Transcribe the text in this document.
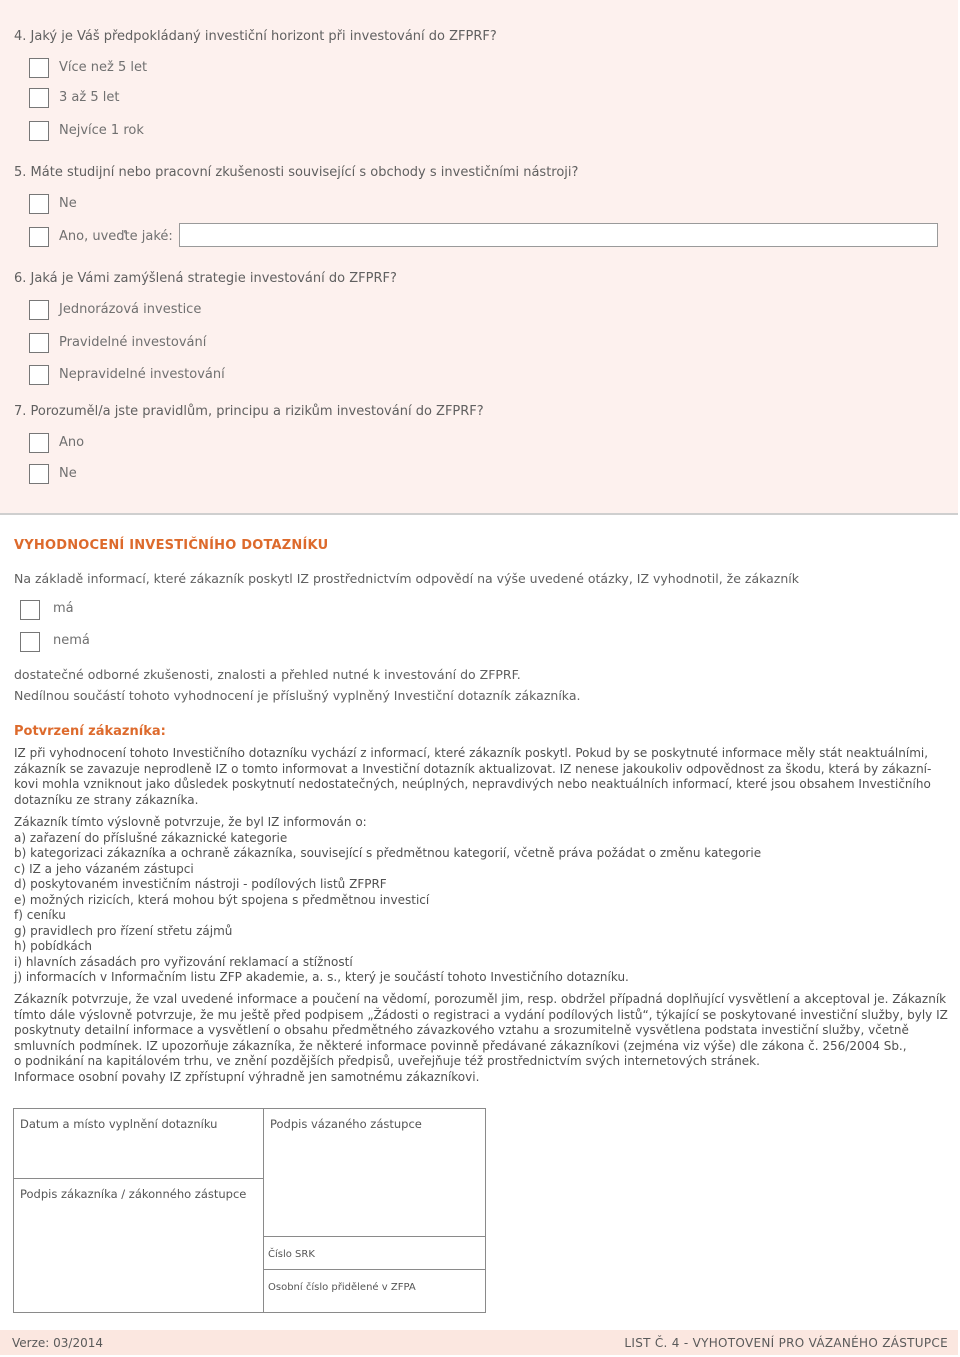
4. Jaký je Váš předpokládaný investiční horizont při investování do ZFPRF?
Více než 5 let
3 až 5 let
Nejvíce 1 rok
5. Máte studijní nebo pracovní zkušenosti související s obchody s investičními nástroji?
Ne
Ano, uveďte jaké:
6. Jaká je Vámi zamýšlená strategie investování do ZFPRF?
Jednorázová investice
Pravidelné investování
Nepravidelné investování
7. Porozuměl/a jste pravidlům, principu a rizikům investování do ZFPRF?
Ano
Ne
VYHODNOCENÍ INVESTIČNÍHO DOTAZNÍKU
Na základě informací, které zákazník poskytl IZ prostřednictvím odpovědí na výše uvedené otázky, IZ vyhodnotil, že zákazník
má
nemá
dostatečné odborné zkušenosti, znalosti a přehled nutné k investování do ZFPRF.
Nedílnou součástí tohoto vyhodnocení je příslušný vyplněný Investiční dotazník zákazníka.
Potvrzení zákazníka:
IZ při vyhodnocení tohoto Investičního dotazníku vychází z informací, které zákazník poskytl. Pokud by se poskytnuté informace měly stát neaktuálními,
zákazník se zavazuje neprodleně IZ o tomto informovat a Investiční dotazník aktualizovat. IZ nenese jakoukoliv odpovědnost za škodu, která by zákazní-
kovi mohla vzniknout jako důsledek poskytnutí nedostatečných, neúplných, nepravdivých nebo neaktuálních informací, které jsou obsahem Investičního
dotazníku ze strany zákazníka.
Zákazník tímto výslovně potvrzuje, že byl IZ informován o:
a) zařazení do příslušné zákaznické kategorie
b) kategorizaci zákazníka a ochraně zákazníka, související s předmětnou kategorií, včetně práva požádat o změnu kategorie
c) IZ a jeho vázaném zástupci
d) poskytovaném investičním nástroji - podílových listů ZFPRF
e) možných rizicích, která mohou být spojena s předmětnou investicí
f) ceníku
g) pravidlech pro řízení střetu zájmů
h) pobídkách
i) hlavních zásadách pro vyřizování reklamací a stížností
j) informacích v Informačním listu ZFP akademie, a. s., který je součástí tohoto Investičního dotazníku.
Zákazník potvrzuje, že vzal uvedené informace a poučení na vědomí, porozuměl jim, resp. obdržel případná doplňující vysvětlení a akceptoval je. Zákazník
tímto dále výslovně potvrzuje, že mu ještě před podpisem „Žádosti o registraci a vydání podílových listů“, týkající se poskytované investiční služby, byly IZ
poskytnuty detailní informace a vysvětlení o obsahu předmětného závazkového vztahu a srozumitelně vysvětlena podstata investiční služby, včetně
smluvních podmínek. IZ upozorňuje zákazníka, že některé informace povinně předávané zákazníkovi (zejména viz výše) dle zákona č. 256/2004 Sb.,
o podnikání na kapitálovém trhu, ve znění pozdějších předpisů, uveřejňuje též prostřednictvím svých internetových stránek.
Informace osobní povahy IZ zpřístupní výhradně jen samotnému zákazníkovi.
Datum a místo vyplnění dotazníku	Podpis vázaného zástupce
Podpis zákazníka / zákonného zástupce
Číslo SRK
Osobní číslo přidělené v ZFPA
Verze: 03/2014	LIST Č. 4 - VYHOTOVENÍ PRO VÁZANÉHO ZÁSTUPCE
